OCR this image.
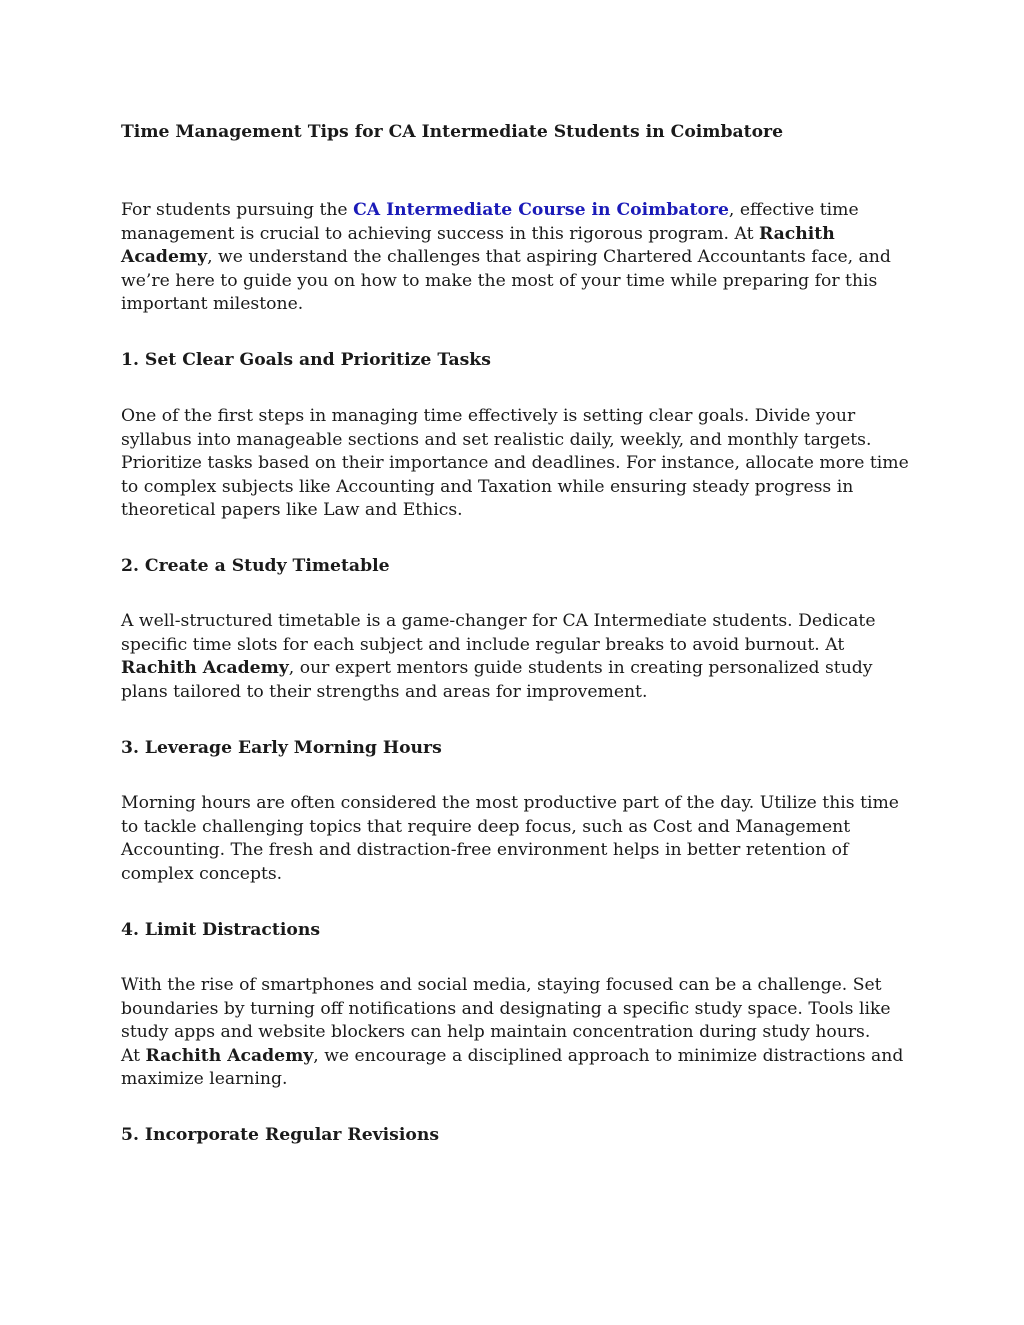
Time Management Tips for CA Intermediate Students in Coimbatore

For students pursuing the CA Intermediate Course in Coimbatore, effective time management is crucial to achieving success in this rigorous program. At Rachith Academy, we understand the challenges that aspiring Chartered Accountants face, and we’re here to guide you on how to make the most of your time while preparing for this important milestone.

1. Set Clear Goals and Prioritize Tasks

One of the first steps in managing time effectively is setting clear goals. Divide your syllabus into manageable sections and set realistic daily, weekly, and monthly targets. Prioritize tasks based on their importance and deadlines. For instance, allocate more time to complex subjects like Accounting and Taxation while ensuring steady progress in theoretical papers like Law and Ethics.

2. Create a Study Timetable

A well-structured timetable is a game-changer for CA Intermediate students. Dedicate specific time slots for each subject and include regular breaks to avoid burnout. At Rachith Academy, our expert mentors guide students in creating personalized study plans tailored to their strengths and areas for improvement.

3. Leverage Early Morning Hours

Morning hours are often considered the most productive part of the day. Utilize this time to tackle challenging topics that require deep focus, such as Cost and Management Accounting. The fresh and distraction-free environment helps in better retention of complex concepts.

4. Limit Distractions

With the rise of smartphones and social media, staying focused can be a challenge. Set boundaries by turning off notifications and designating a specific study space. Tools like study apps and website blockers can help maintain concentration during study hours.
At Rachith Academy, we encourage a disciplined approach to minimize distractions and maximize learning.

5. Incorporate Regular Revisions
